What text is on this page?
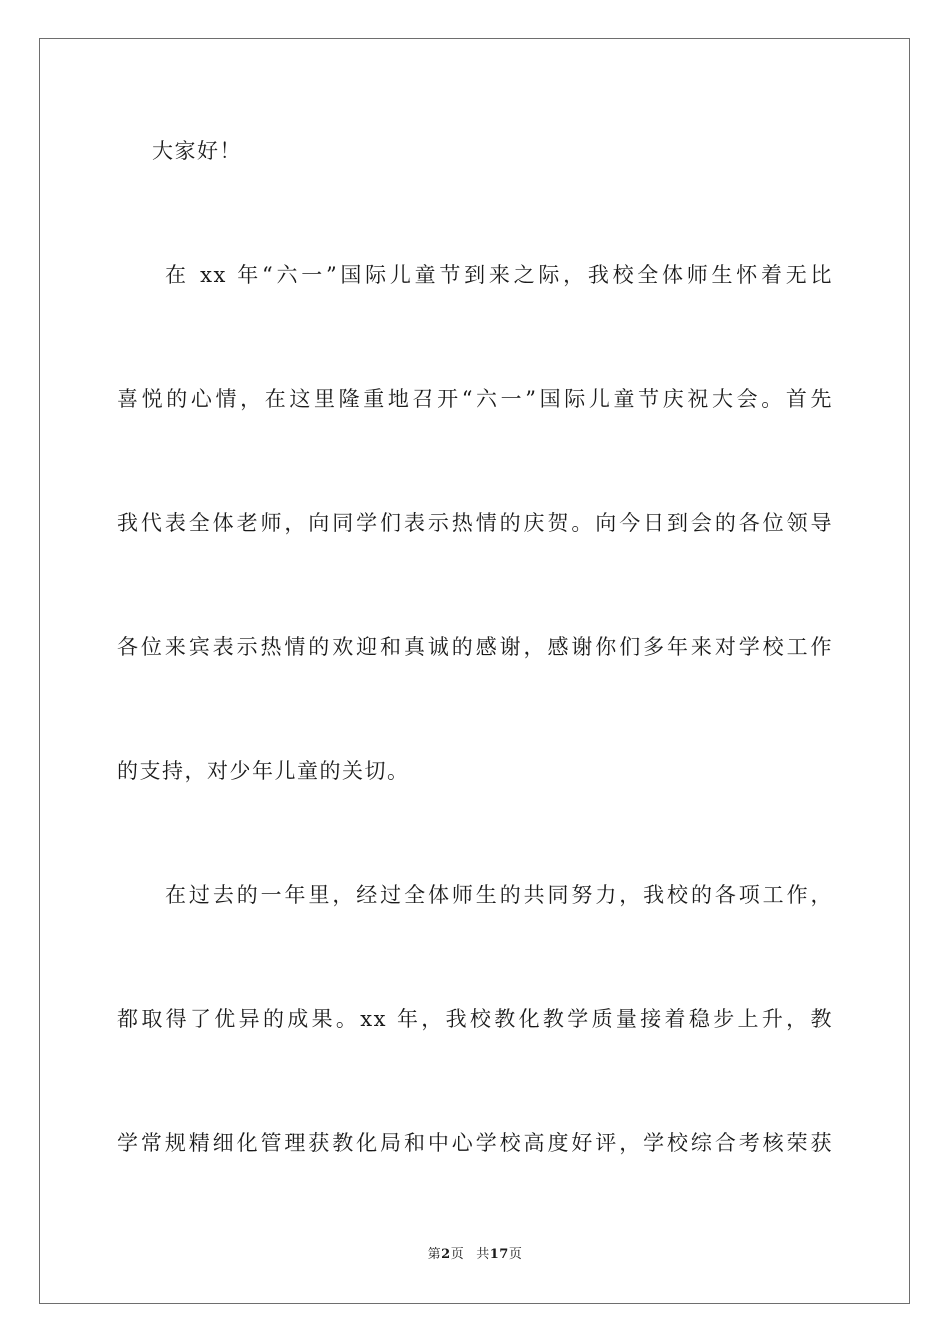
大家好！
在 xx 年“六一”国际儿童节到来之际，我校全体师生怀着无比
喜悦的心情，在这里隆重地召开“六一”国际儿童节庆祝大会。首先
我代表全体老师，向同学们表示热情的庆贺。向今日到会的各位领导
各位来宾表示热情的欢迎和真诚的感谢，感谢你们多年来对学校工作
的支持，对少年儿童的关切。
在过去的一年里，经过全体师生的共同努力，我校的各项工作，
都取得了优异的成果。xx 年，我校教化教学质量接着稳步上升，教
学常规精细化管理获教化局和中心学校高度好评，学校综合考核荣获
第2页 共17页
